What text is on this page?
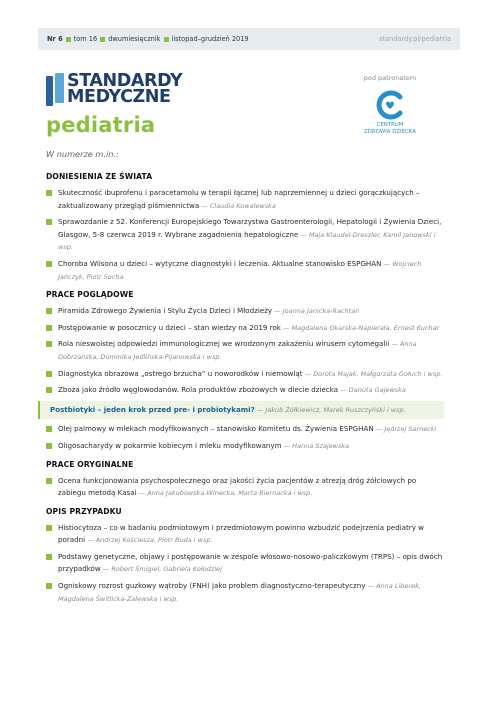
Nr 6 tom 16 dwumiesięcznik listopad–grudzień 2019	standardy.pl/pediatria
STANDARDY
MEDYCZNE
pediatria
pod patronatem
CENTRUM
ZDROWIA DZIECKA
W numerze m.in.:
DONIESIENIA ZE ŚWIATA
Skuteczność ibuprofenu i paracetamolu w terapii łącznej lub naprzemiennej u dzieci gorączkujących – zaktualizowany przegląd piśmiennictwa — Claudia Kowalewska
Sprawozdanie z 52. Konferencji Europejskiego Towarzystwa Gastroenterologii, Hepatologii i Żywienia Dzieci, Glasgow, 5-8 czerwca 2019 r. Wybrane zagadnienia hepatologiczne — Maja Klaudel-Dreszler, Kamil Janowski i wsp.
Choroba Wilsona u dzieci – wytyczne diagnostyki i leczenia. Aktualne stanowisko ESPGHAN — Wojciech Jańczyk, Piotr Socha
PRACE POGLĄDOWE
Piramida Zdrowego Żywienia i Stylu Życia Dzieci i Młodzieży — Joanna Janicka-Rachtan
Postępowanie w posocznicy u dzieci – stan wiedzy na 2019 rok — Magdalena Okarska-Napierała, Ernest Kuchar
Rola nieswoistej odpowiedzi immunologicznej we wrodzonym zakażeniu wirusem cytomegalii — Anna Dobrzańska, Dominika Jedlińska-Pijanowska i wsp.
Diagnostyka obrazowa „ostrego brzucha” u noworodków i niemowląt — Dorota Majak, Małgorzata Gołuch i wsp.
Zboża jako źródło węglowodanów. Rola produktów zbożowych w diecie dziecka — Danuta Gajewska
Postbiotyki – jeden krok przed pre- i probiotykami? — Jakub Żółkiewicz, Marek Ruszczyński i wsp.
Olej palmowy w mlekach modyfikowanych – stanowisko Komitetu ds. Żywienia ESPGHAN — Jędrzej Sarnecki
Oligosacharydy w pokarmie kobiecym i mleku modyfikowanym — Hanna Szajewska
PRACE ORYGINALNE
Ocena funkcjonowania psychospołecznego oraz jakości życia pacjentów z atrezją dróg żółciowych po zabiegu metodą Kasai — Anna Jakubowska-Winecka, Marta Biernacka i wsp.
OPIS PRZYPADKU
Histiocytoza – co w badaniu podmiotowym i przedmiotowym powinno wzbudzić podejrzenia pediatry w poradni — Andrzej Kościesza, Piotr Buda i wsp.
Podstawy genetyczne, objawy i postępowanie w zespole włosowo-nosowo-paliczkowym (TRPS) – opis dwóch przypadków — Robert Śmigiel, Gabriela Kołodziej
Ogniskowy rozrost guzkowy wątroby (FNH) jako problem diagnostyczno-terapeutyczny — Anna Liberek, Magdalena Świtlicka-Zalewska i wsp.
